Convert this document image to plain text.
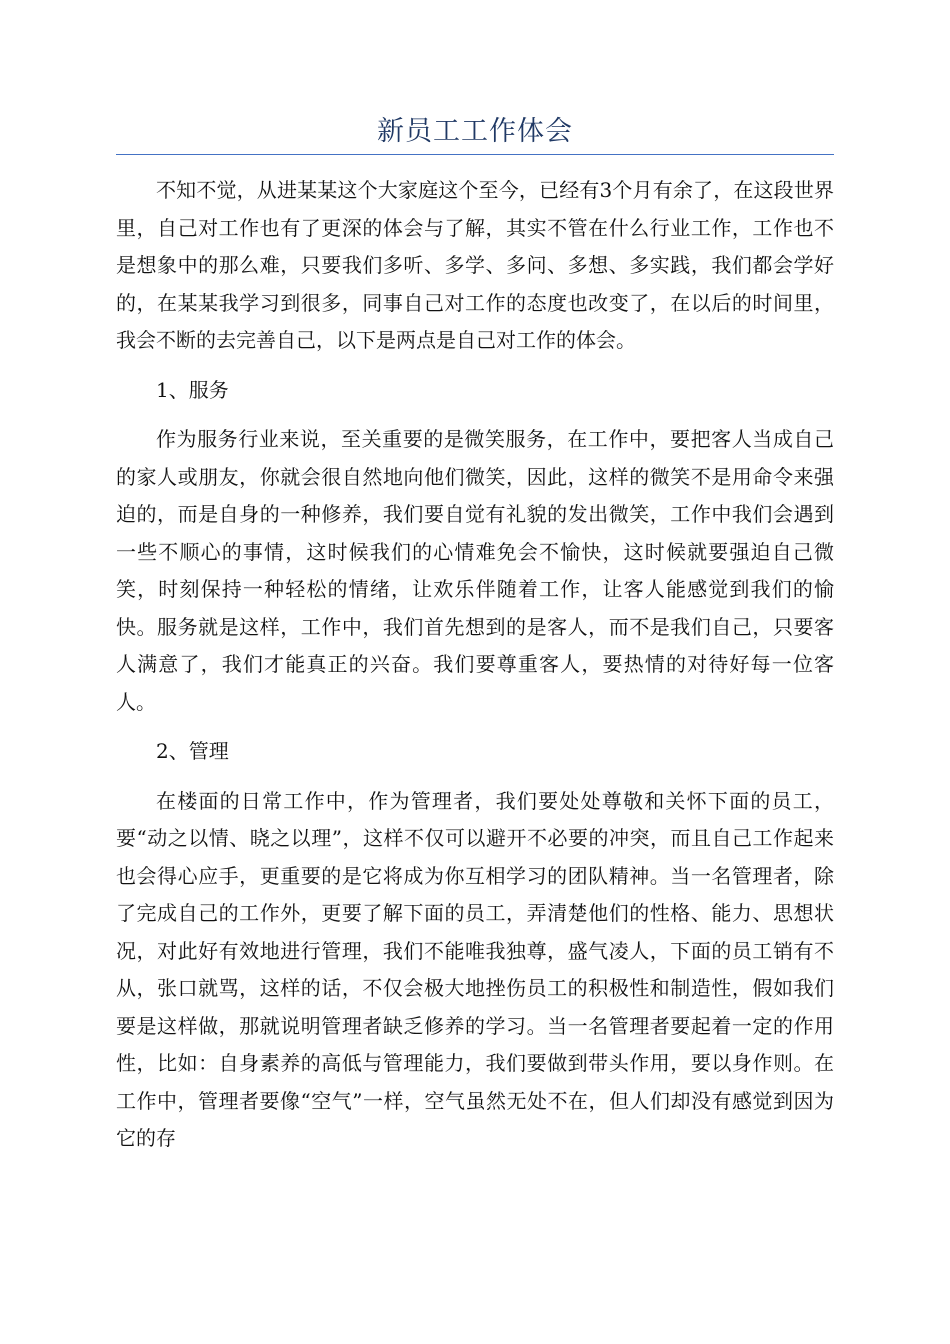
新员工工作体会

不知不觉，从进某某这个大家庭这个至今，已经有3个月有余了，在这段世界里，自己对工作也有了更深的体会与了解，其实不管在什么行业工作，工作也不是想象中的那么难，只要我们多听、多学、多问、多想、多实践，我们都会学好的，在某某我学习到很多，同事自己对工作的态度也改变了，在以后的时间里，我会不断的去完善自己，以下是两点是自己对工作的体会。

1、服务

作为服务行业来说，至关重要的是微笑服务，在工作中，要把客人当成自己的家人或朋友，你就会很自然地向他们微笑，因此，这样的微笑不是用命令来强迫的，而是自身的一种修养，我们要自觉有礼貌的发出微笑，工作中我们会遇到一些不顺心的事情，这时候我们的心情难免会不愉快，这时候就要强迫自己微笑，时刻保持一种轻松的情绪，让欢乐伴随着工作，让客人能感觉到我们的愉快。服务就是这样，工作中，我们首先想到的是客人，而不是我们自己，只要客人满意了，我们才能真正的兴奋。我们要尊重客人，要热情的对待好每一位客人。

2、管理

在楼面的日常工作中，作为管理者，我们要处处尊敬和关怀下面的员工，要“动之以情、晓之以理”，这样不仅可以避开不必要的冲突，而且自己工作起来也会得心应手，更重要的是它将成为你互相学习的团队精神。当一名管理者，除了完成自己的工作外，更要了解下面的员工，弄清楚他们的性格、能力、思想状况，对此好有效地进行管理，我们不能唯我独尊，盛气凌人，下面的员工销有不从，张口就骂，这样的话，不仅会极大地挫伤员工的积极性和制造性，假如我们要是这样做，那就说明管理者缺乏修养的学习。当一名管理者要起着一定的作用性，比如：自身素养的高低与管理能力，我们要做到带头作用，要以身作则。在工作中，管理者要像“空气”一样，空气虽然无处不在，但人们却没有感觉到因为它的存
